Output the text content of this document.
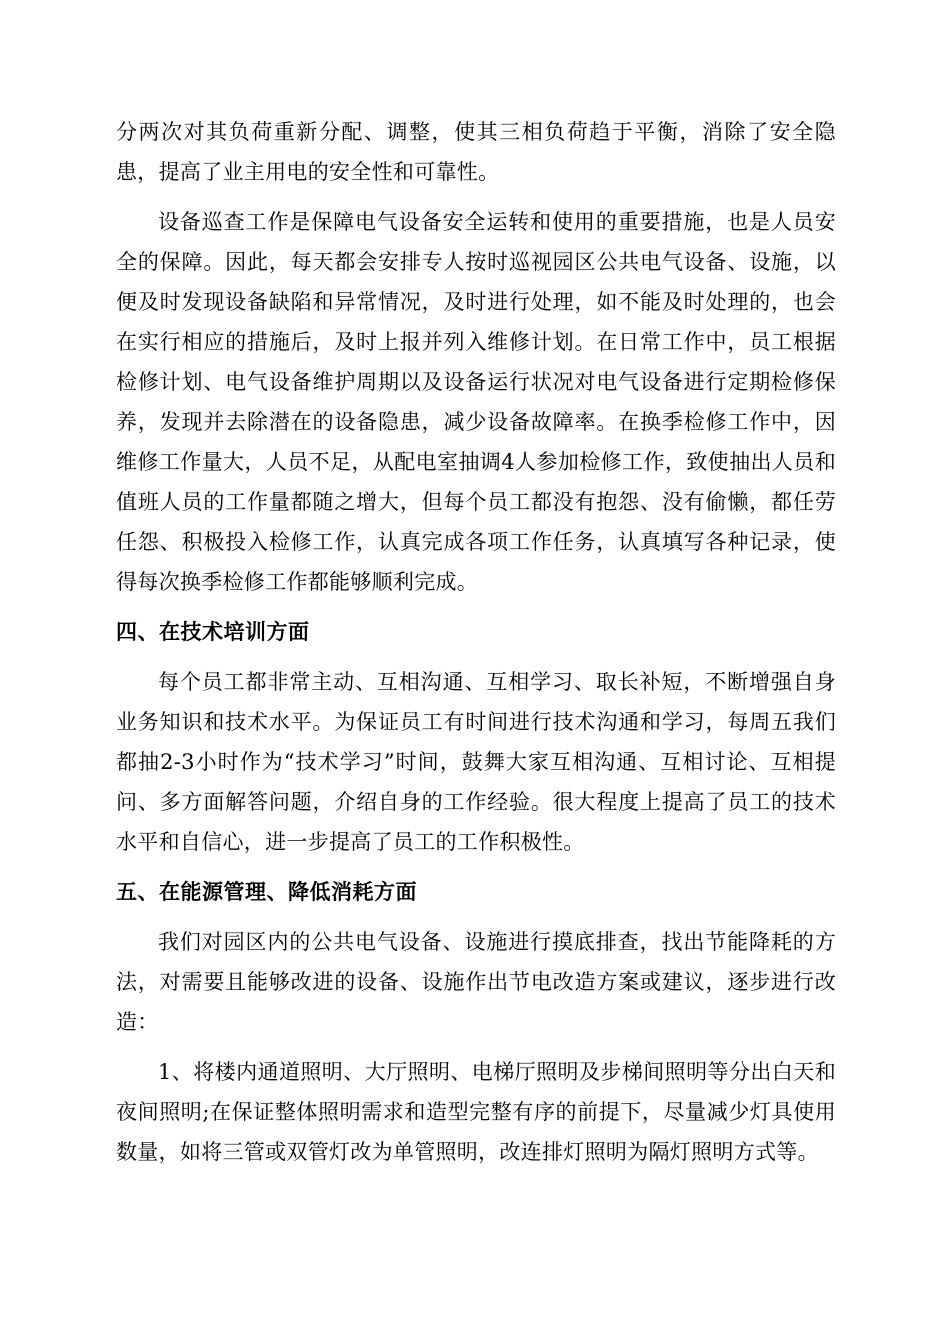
分两次对其负荷重新分配、调整，使其三相负荷趋于平衡，消除了安全隐患，提高了业主用电的安全性和可靠性。

设备巡查工作是保障电气设备安全运转和使用的重要措施，也是人员安全的保障。因此，每天都会安排专人按时巡视园区公共电气设备、设施，以便及时发现设备缺陷和异常情况，及时进行处理，如不能及时处理的，也会在实行相应的措施后，及时上报并列入维修计划。在日常工作中，员工根据检修计划、电气设备维护周期以及设备运行状况对电气设备进行定期检修保养，发现并去除潜在的设备隐患，减少设备故障率。在换季检修工作中，因维修工作量大，人员不足，从配电室抽调4人参加检修工作，致使抽出人员和值班人员的工作量都随之增大，但每个员工都没有抱怨、没有偷懒，都任劳任怨、积极投入检修工作，认真完成各项工作任务，认真填写各种记录，使得每次换季检修工作都能够顺利完成。

四、在技术培训方面

每个员工都非常主动、互相沟通、互相学习、取长补短，不断增强自身业务知识和技术水平。为保证员工有时间进行技术沟通和学习，每周五我们都抽2-3小时作为“技术学习”时间，鼓舞大家互相沟通、互相讨论、互相提问、多方面解答问题，介绍自身的工作经验。很大程度上提高了员工的技术水平和自信心，进一步提高了员工的工作积极性。

五、在能源管理、降低消耗方面

我们对园区内的公共电气设备、设施进行摸底排查，找出节能降耗的方法，对需要且能够改进的设备、设施作出节电改造方案或建议，逐步进行改造：

1、将楼内通道照明、大厅照明、电梯厅照明及步梯间照明等分出白天和夜间照明;在保证整体照明需求和造型完整有序的前提下，尽量减少灯具使用数量，如将三管或双管灯改为单管照明，改连排灯照明为隔灯照明方式等。
